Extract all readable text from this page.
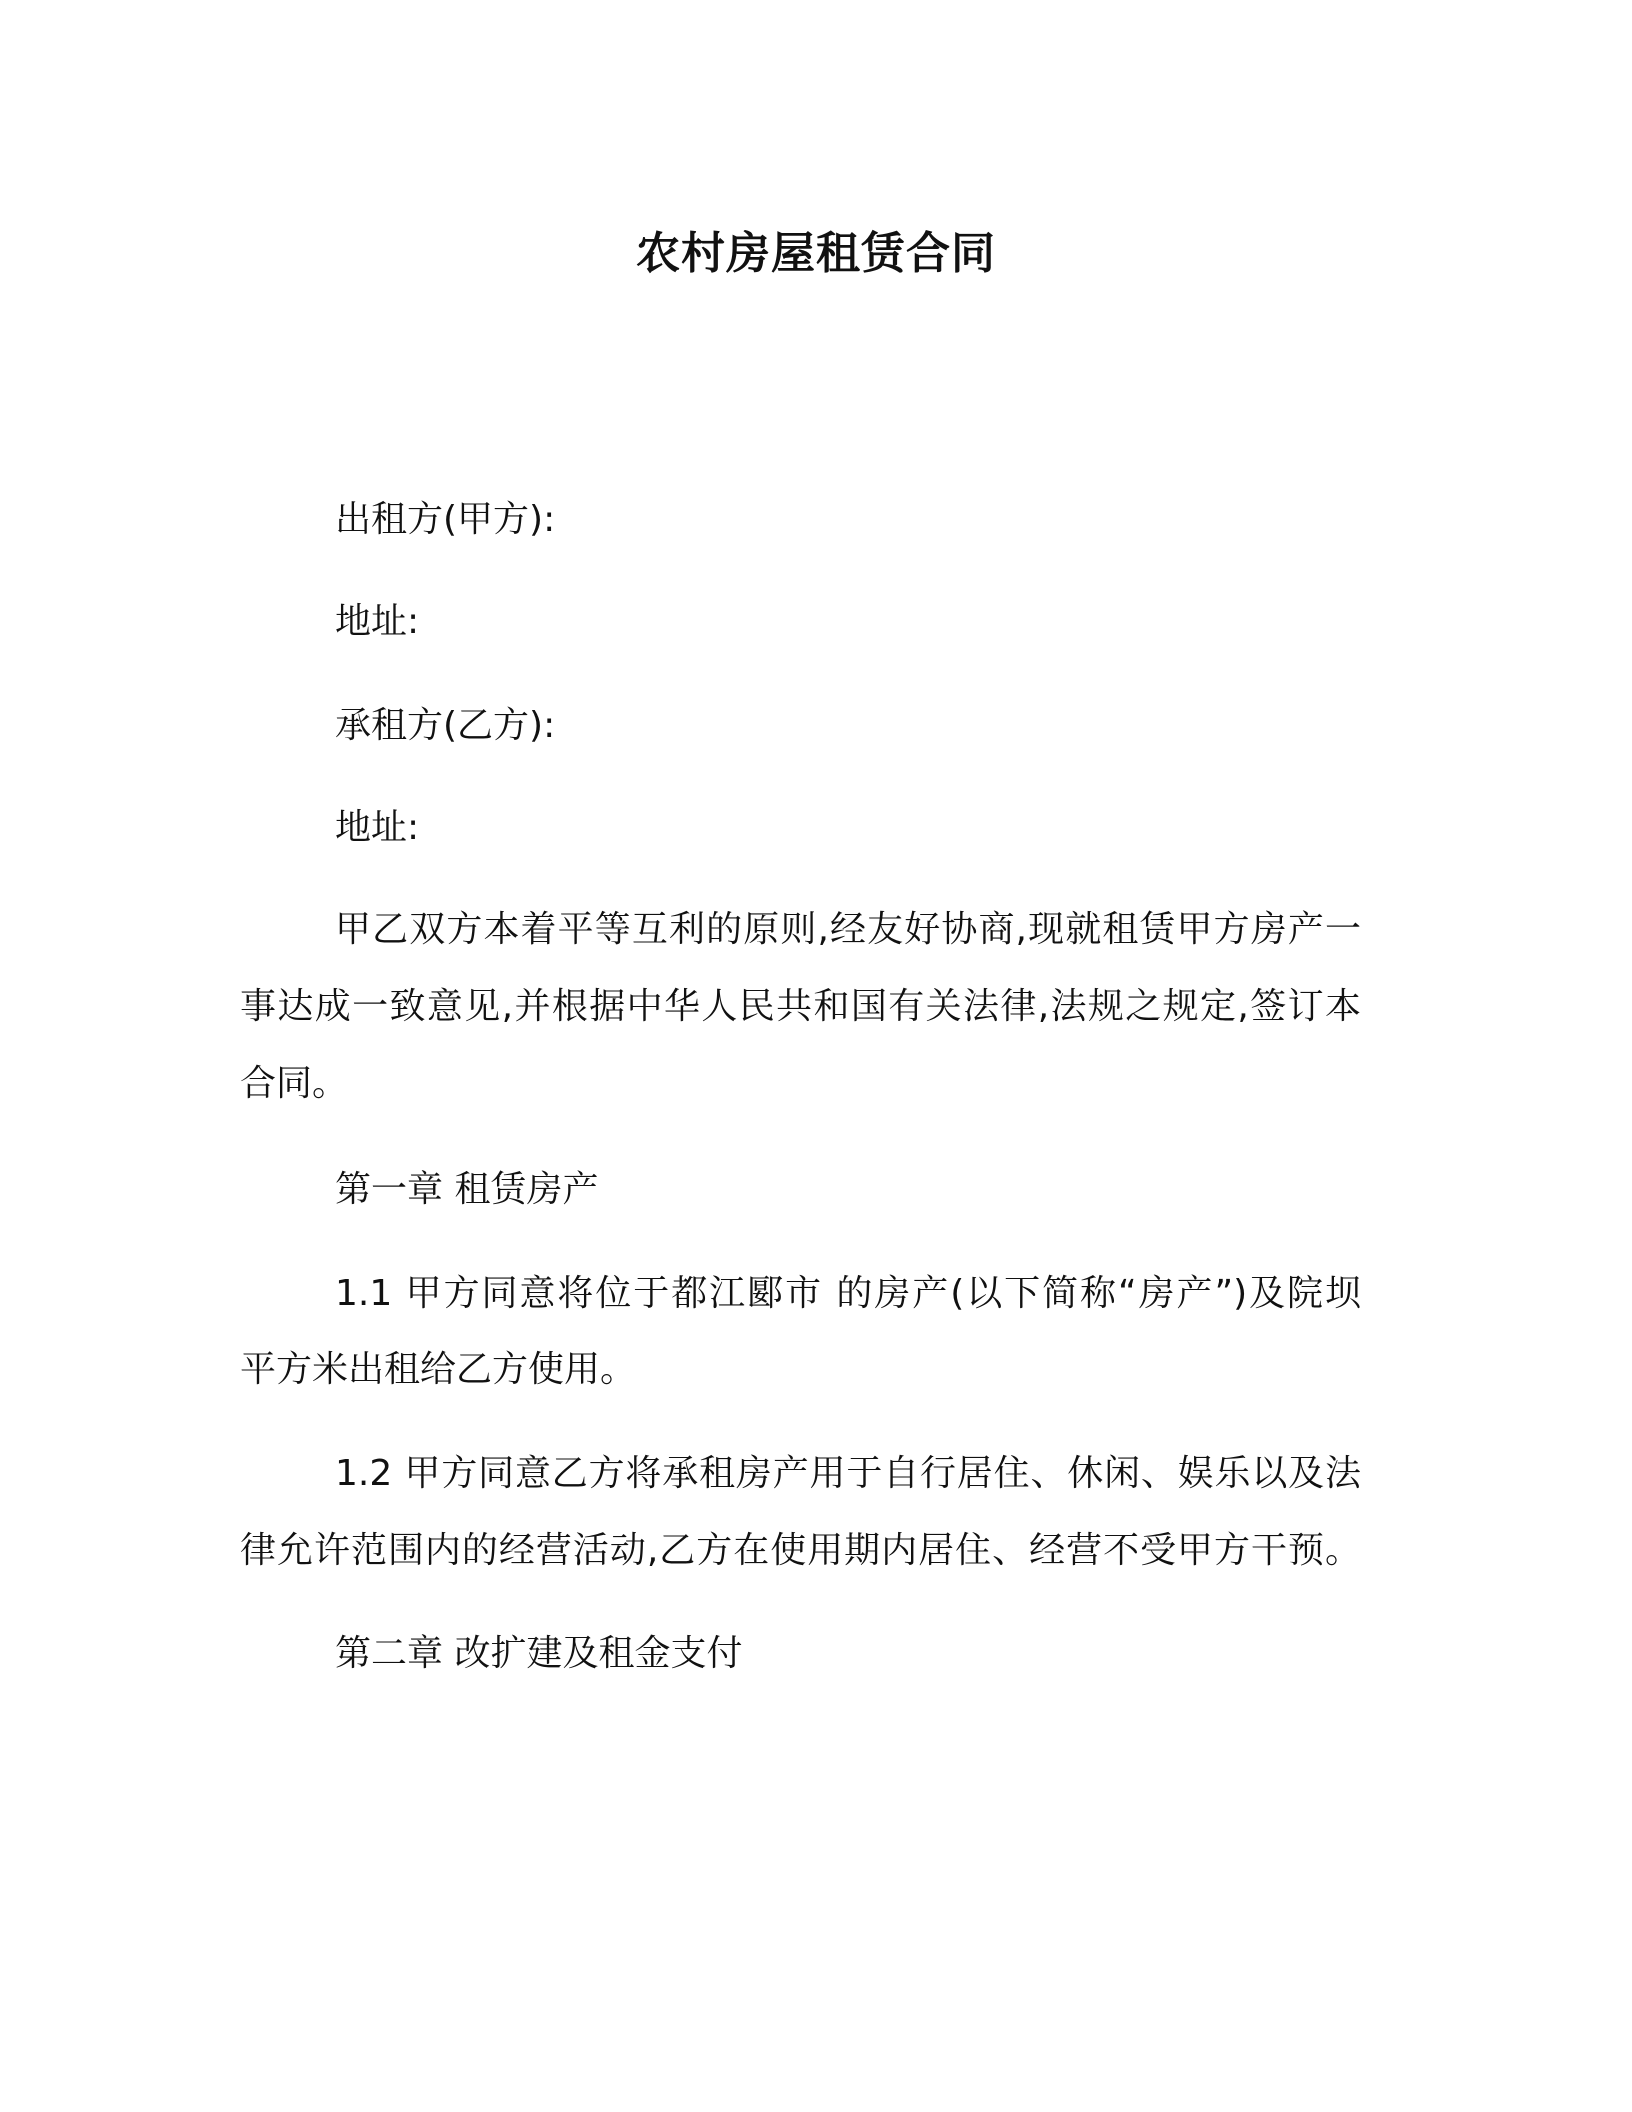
农村房屋租赁合同
出租方(甲方):
地址:
承租方(乙方):
地址:
甲乙双方本着平等互利的原则,经友好协商,现就租赁甲方房产一
事达成一致意见,并根据中华人民共和国有关法律,法规之规定,签订本
合同。
第一章 租赁房产
1.1 甲方同意将位于都江郾市 的房产(以下简称“房产”)及院坝
平方米出租给乙方使用。
1.2 甲方同意乙方将承租房产用于自行居住、休闲、娱乐以及法
律允许范围内的经营活动,乙方在使用期内居住、经营不受甲方干预。
第二章 改扩建及租金支付
